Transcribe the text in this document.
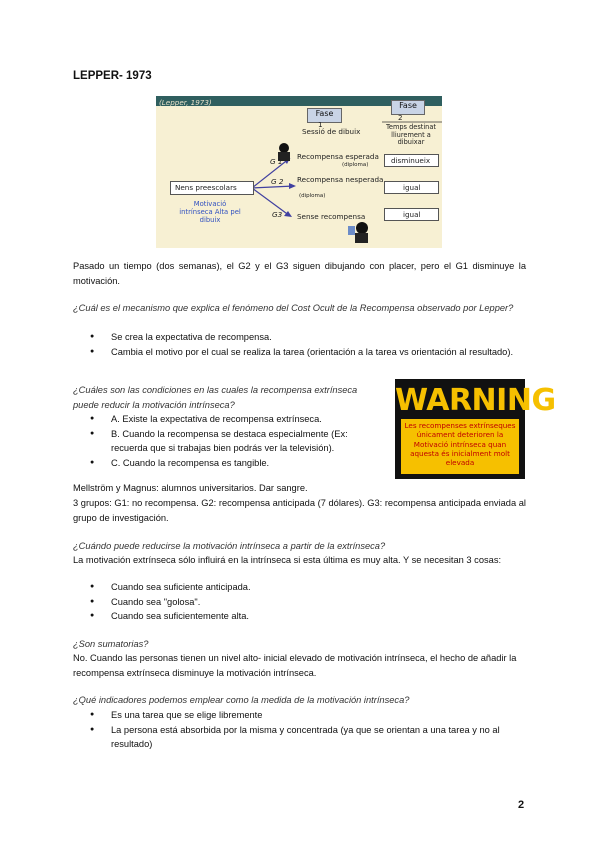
LEPPER- 1973
(Lepper, 1973)
Fase
1
Sessió de dibuix
Fase
2
Temps destinat lliurement a dibuixar
Nens preescolars
Motivació intrínseca Alta pel dibuix
G 1
G 2
G3
Recompensa esperada
(diploma)
Recompensa nesperada
(diploma)
Sense recompensa
disminueix
igual
igual
Pasado un tiempo (dos semanas), el G2 y el G3 siguen dibujando con placer, pero el G1 disminuye la motivación.
¿Cuál es el mecanismo que explica el fenómeno del Cost Ocult de la Recompensa observado por Lepper?
● Se crea la expectativa de recompensa.
● Cambia el motivo por el cual se realiza la tarea (orientación a la tarea vs orientación al resultado).
¿Cuáles son las condiciones en las cuales la recompensa extrínseca puede reducir la motivación intrínseca?
● A. Existe la expectativa de recompensa extrínseca.
● B. Cuando la recompensa se destaca especialmente (Ex: recuerda que si trabajas bien podrás ver la televisión).
● C. Cuando la recompensa es tangible.
WARNING
Les recompenses extrínseques únicament deterioren la Motivació intrínseca quan aquesta és inicialment molt elevada
Mellström y Magnus: alumnos universitarios. Dar sangre.
3 grupos: G1: no recompensa. G2: recompensa anticipada (7 dólares). G3: recompensa anticipada enviada al grupo de investigación.
¿Cuándo puede reducirse la motivación intrínseca a partir de la extrínseca?
La motivación extrínseca sólo influirá en la intrínseca si esta última es muy alta. Y se necesitan 3 cosas:
● Cuando sea suficiente anticipada.
● Cuando sea "golosa".
● Cuando sea suficientemente alta.
¿Son sumatorias?
No. Cuando las personas tienen un nivel alto- inicial elevado de motivación intrínseca, el hecho de añadir la recompensa extrínseca disminuye la motivación intrínseca.
¿Qué indicadores podemos emplear como la medida de la motivación intrínseca?
● Es una tarea que se elige libremente
● La persona está absorbida por la misma y concentrada (ya que se orientan a una tarea y no al resultado)
2
